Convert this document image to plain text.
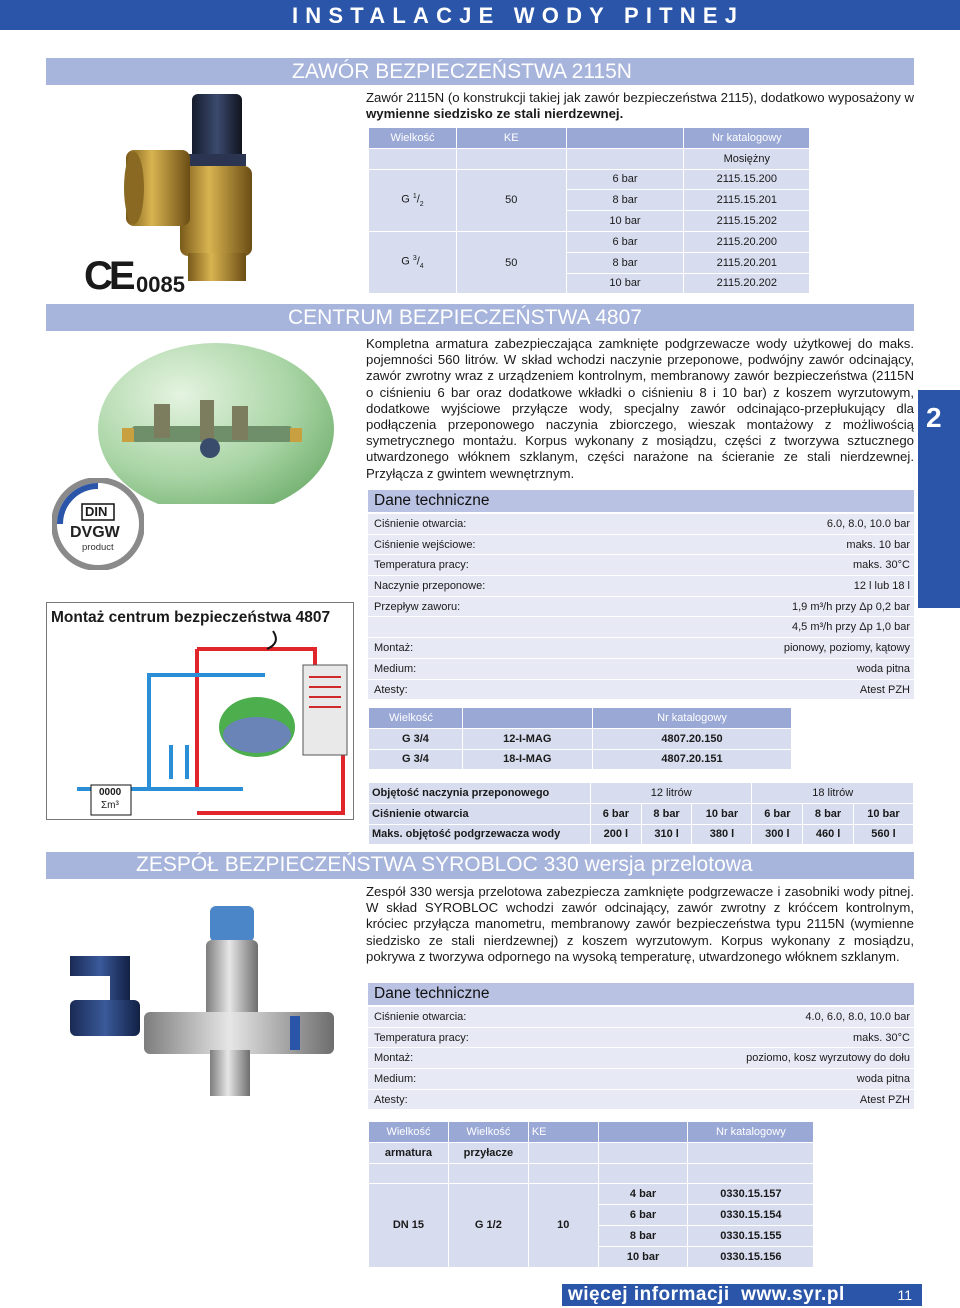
INSTALACJE WODY PITNEJ
2
ZAWÓR BEZPIECZEŃSTWA 2115N
Zawór 2115N (o konstrukcji takiej jak zawór bezpieczeństwa 2115), dodatkowo wyposażony w wymienne siedzisko ze stali nierdzewnej.
CE 0085
Wielkość	KE		Nr katalogowy	
			Mosiężny	
G $^1/_2$	50	6 bar	2115.15.200	
		8 bar	2115.15.201	
		10 bar	2115.15.202	
G $^3/_4$	50	6 bar	2115.20.200	
		8 bar	2115.20.201	
		10 bar	2115.20.202	
CENTRUM BEZPIECZEŃSTWA 4807
Kompletna armatura zabezpieczająca zamknięte podgrzewacze wody użytkowej do maks. pojemności 560 litrów. W skład wchodzi naczynie przeponowe, podwójny zawór odcinający, zawór zwrotny wraz z urządzeniem kontrolnym, membranowy zawór bezpieczeństwa (2115N o ciśnieniu 6 bar oraz dodatkowe wkładki o ciśnieniu 8 i 10 bar) z koszem wyrzutowym, dodatkowe wyjściowe przyłącze wody, specjalny zawór odcinająco-przepłukujący dla podłączenia przeponowego naczynia zbiorczego, wieszak montażowy z możliwością symetrycznego montażu. Korpus wykonany z mosiądzu, części z tworzywa sztucznego utwardzonego włóknem szklanym, części narażone na ścieranie ze stali nierdzewnej. Przyłącza z gwintem wewnętrznym.
DIN
DVGW
product
Montaż centrum bezpieczeństwa 4807
0000
Σm³
Dane techniczne
Ciśnienie otwarcia:	6.0, 8.0, 10.0 bar
Ciśnienie wejściowe:	maks. 10 bar
Temperatura pracy:	maks. 30°C
Naczynie przeponowe:	12 l lub 18 l
Przepływ zaworu:	1,9 m³/h przy Δp 0,2 bar
4,5 m³/h przy Δp 1,0 bar
Montaż:	pionowy, poziomy, kątowy
Medium:	woda pitna
Atesty:	Atest PZH
Wielkość		Nr katalogowy	
G 3/4	12-I-MAG	4807.20.150	
G 3/4	18-I-MAG	4807.20.151	
Objętość naczynia przeponowego	12 litrów			18 litrów		
Ciśnienie otwarcia	6 bar	8 bar	10 bar	6 bar	8 bar	10 bar
Maks. objętość podgrzewacza wody	200 l	310 l	380 l	300 l	460 l	560 l
ZESPÓŁ BEZPIECZEŃSTWA SYROBLOC 330 wersja przelotowa
Zespół 330 wersja przelotowa zabezpiecza zamknięte podgrzewacze i zasobniki wody pitnej. W skład SYROBLOC wchodzi zawór odcinający, zawór zwrotny z króćcem kontrolnym, króciec przyłącza manometru, membranowy zawór bezpieczeństwa typu 2115N (wymienne siedzisko ze stali nierdzewnej) z koszem wyrzutowym. Korpus wykonany z mosiądzu, pokrywa z tworzywa odpornego na wysoką temperaturę, utwardzonego włóknem szklanym.
Dane techniczne
Ciśnienie otwarcia:	4.0, 6.0, 8.0, 10.0 bar
Temperatura pracy:	maks. 30°C
Montaż:	poziomo, kosz wyrzutowy do dołu
Medium:	woda pitna
Atesty:	Atest PZH
Wielkość	Wielkość	KE		Nr katalogowy	
armatura	przyłacze				

DN 15	G 1/2	10	4 bar	0330.15.157	
			6 bar	0330.15.154	
			8 bar	0330.15.155	
			10 bar	0330.15.156	
więcej informacji  www.syr.pl	11
